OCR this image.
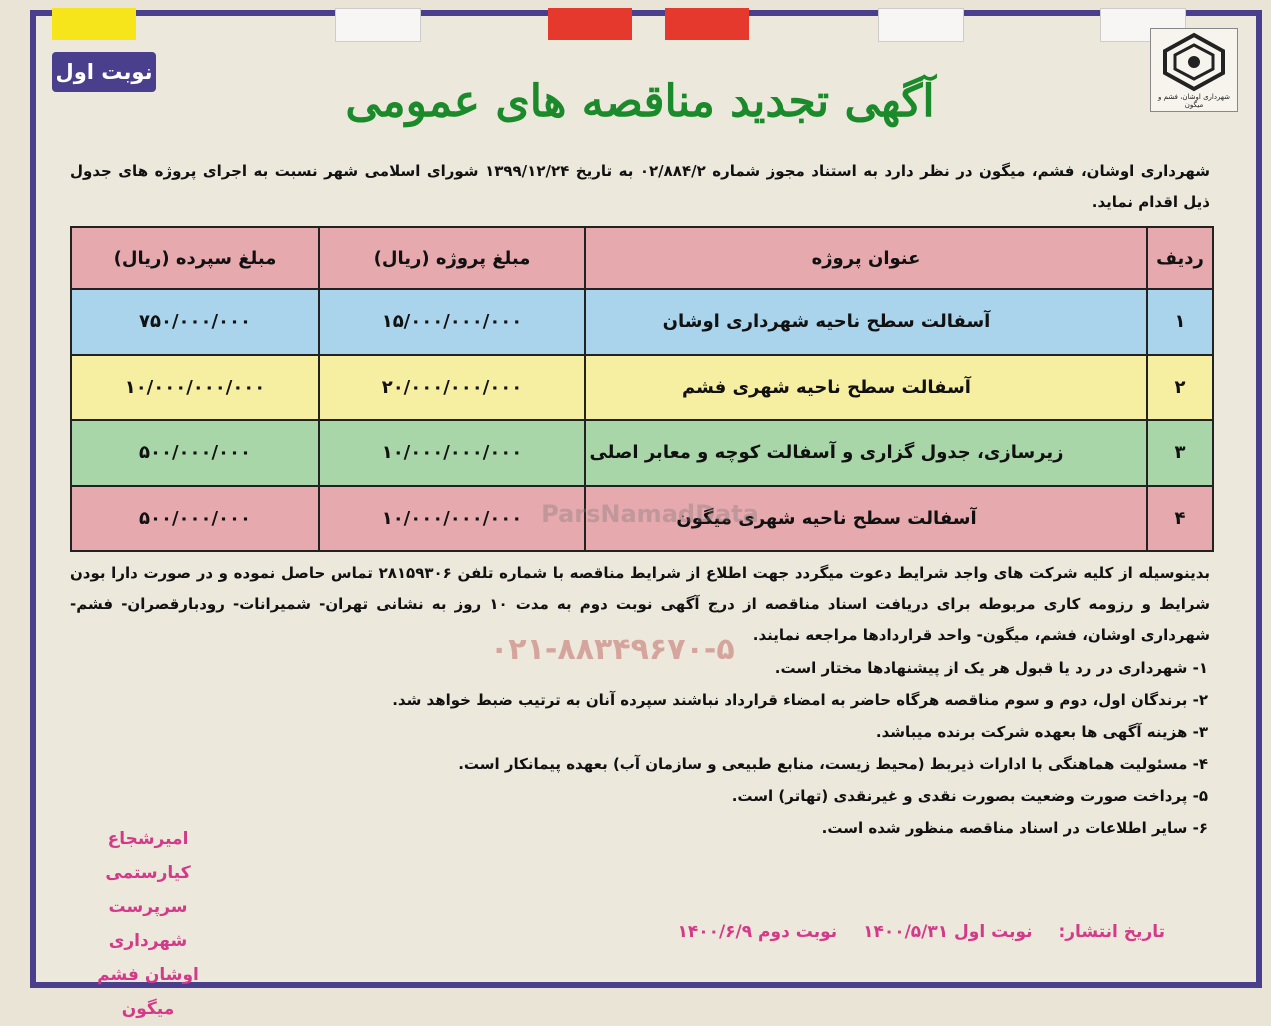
نوبت اول
شهرداری اوشان، فشم و میگون
آگهی تجدید مناقصه های عمومی
شهرداری اوشان، فشم، میگون در نظر دارد به استناد مجوز شماره ۰۲/۸۸۴/۲ به تاریخ ۱۳۹۹/۱۲/۲۴ شورای اسلامی شهر نسبت به اجرای پروژه های جدول ذیل اقدام نماید.
ردیف	عنوان پروژه	مبلغ پروژه (ریال)	مبلغ سپرده (ریال)
۱	آسفالت سطح ناحیه شهرداری اوشان	۱۵/۰۰۰/۰۰۰/۰۰۰	۷۵۰/۰۰۰/۰۰۰
۲	آسفالت سطح ناحیه شهری فشم	۲۰/۰۰۰/۰۰۰/۰۰۰	۱۰/۰۰۰/۰۰۰/۰۰۰
۳	زیرسازی، جدول گزاری و آسفالت کوچه و معابر اصلی	۱۰/۰۰۰/۰۰۰/۰۰۰	۵۰۰/۰۰۰/۰۰۰
۴	آسفالت سطح ناحیه شهری میگون	۱۰/۰۰۰/۰۰۰/۰۰۰	۵۰۰/۰۰۰/۰۰۰	ParsNamadData
بدینوسیله از کلیه شرکت های واجد شرایط دعوت میگردد جهت اطلاع از شرایط مناقصه با شماره تلفن ۲۸۱۵۹۳۰۶ تماس حاصل نموده و در صورت دارا بودن شرایط و رزومه کاری مربوطه برای دریافت اسناد مناقصه از درج آگهی نوبت دوم به مدت ۱۰ روز به نشانی تهران- شمیرانات- رودبارقصران- فشم- شهرداری اوشان، فشم، میگون- واحد قراردادها مراجعه نمایند.
۰۲۱-۸۸۳۴۹۶۷۰-۵
۱- شهرداری در رد یا قبول هر یک از پیشنهادها مختار است.
۲- برندگان اول، دوم و سوم مناقصه هرگاه حاضر به امضاء قرارداد نباشند سپرده آنان به ترتیب ضبط خواهد شد.
۳- هزینه آگهی ها بعهده شرکت برنده میباشد.
۴- مسئولیت هماهنگی با ادارات ذیربط (محیط زیست، منابع طبیعی و سازمان آب) بعهده پیمانکار است.
۵- پرداخت صورت وضعیت بصورت نقدی و غیرنقدی (تهاتر) است.
۶- سایر اطلاعات در اسناد مناقصه منظور شده است.
امیرشجاع کیارستمی
سرپرست شهرداری
اوشان فشم میگون
تاریخ انتشار: نوبت اول ۱۴۰۰/۵/۳۱ نوبت دوم ۱۴۰۰/۶/۹
